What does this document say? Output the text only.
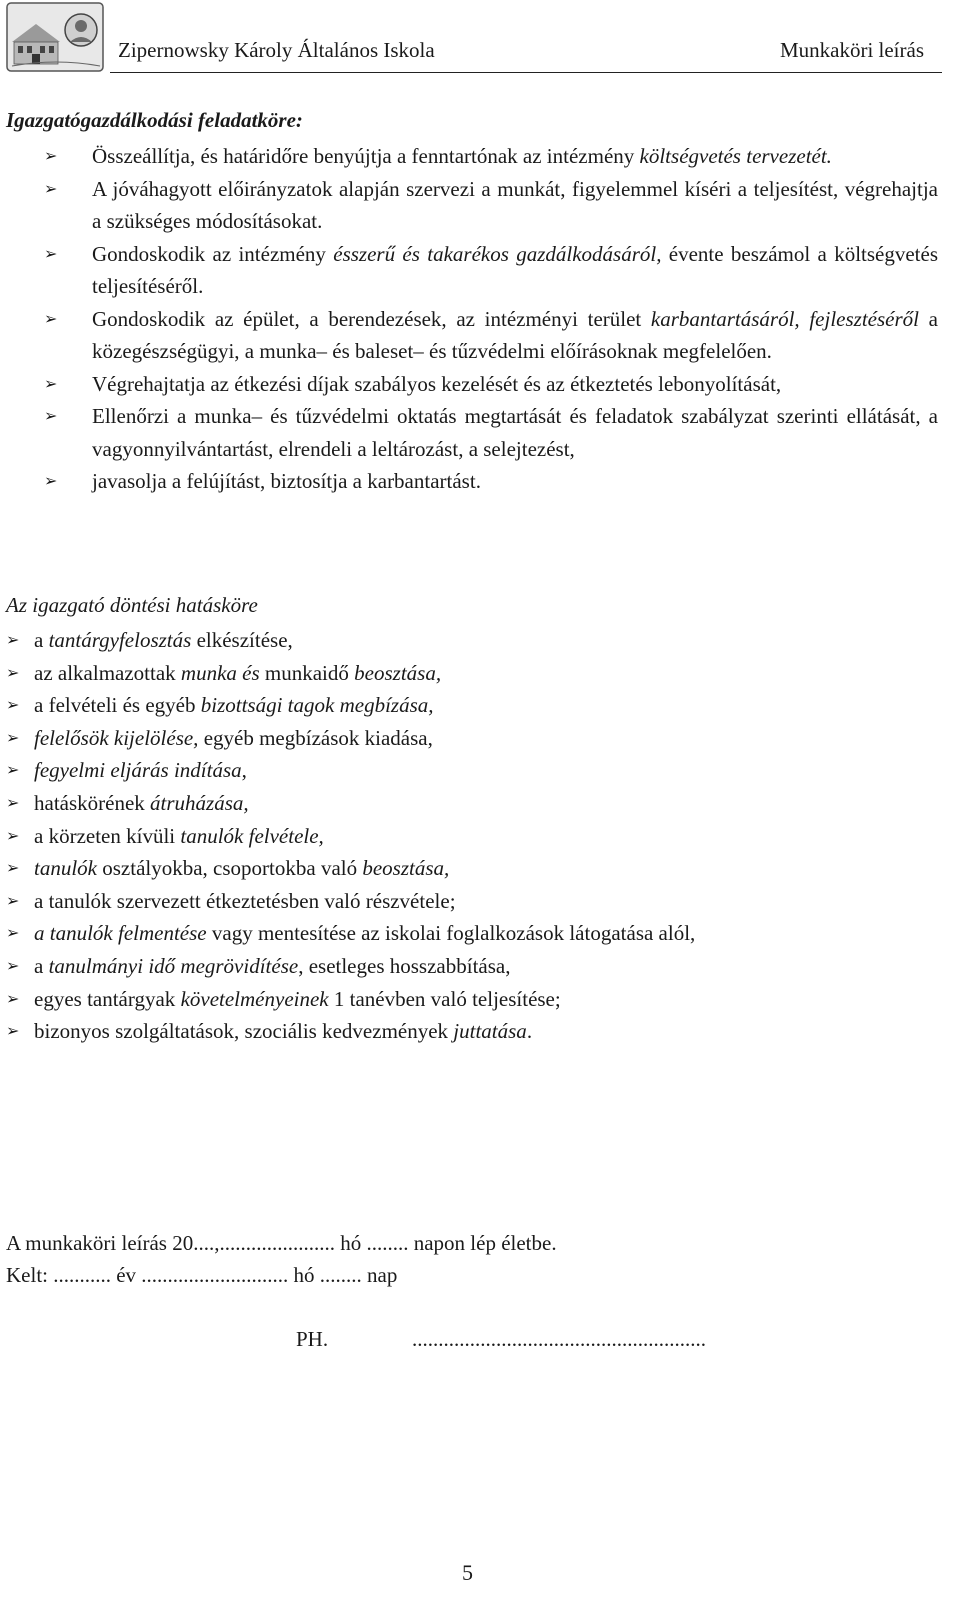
Zipernowsky Károly Általános Iskola	Munkaköri leírás
Igazgatógazdálkodási feladatköre:
➢ Összeállítja, és határidőre benyújtja a fenntartónak az intézmény költségvetés tervezetét.
➢ A jóváhagyott előirányzatok alapján szervezi a munkát, figyelemmel kíséri a teljesítést, végrehajtja a szükséges módosításokat.
➢ Gondoskodik az intézmény ésszerű és takarékos gazdálkodásáról, évente beszámol a költségvetés teljesítéséről.
➢ Gondoskodik az épület, a berendezések, az intézményi terület karbantartásáról, fejlesztéséről a közegészségügyi, a munka– és baleset– és tűzvédelmi előírásoknak megfelelően.
➢ Végrehajtatja az étkezési díjak szabályos kezelését és az étkeztetés lebonyolítását,
➢ Ellenőrzi a munka– és tűzvédelmi oktatás megtartását és feladatok szabályzat szerinti ellátását, a vagyonnyilvántartást, elrendeli a leltározást, a selejtezést,
➢ javasolja a felújítást, biztosítja a karbantartást.
Az igazgató döntési hatásköre
➢ a tantárgyfelosztás elkészítése,
➢ az alkalmazottak munka és munkaidő beosztása,
➢ a felvételi és egyéb bizottsági tagok megbízása,
➢ felelősök kijelölése, egyéb megbízások kiadása,
➢ fegyelmi eljárás indítása,
➢ hatáskörének átruházása,
➢ a körzeten kívüli tanulók felvétele,
➢ tanulók osztályokba, csoportokba való beosztása,
➢ a tanulók szervezett étkeztetésben való részvétele;
➢ a tanulók felmentése vagy mentesítése az iskolai foglalkozások látogatása alól,
➢ a tanulmányi idő megrövidítése, esetleges hosszabbítása,
➢ egyes tantárgyak követelményeinek 1 tanévben való teljesítése;
➢ bizonyos szolgáltatások, szociális kedvezmények juttatása.
A munkaköri leírás 20....,...................... hó ........ napon lép életbe.
Kelt: ........... év ............................ hó ........ nap
PH.	........................................................
5
